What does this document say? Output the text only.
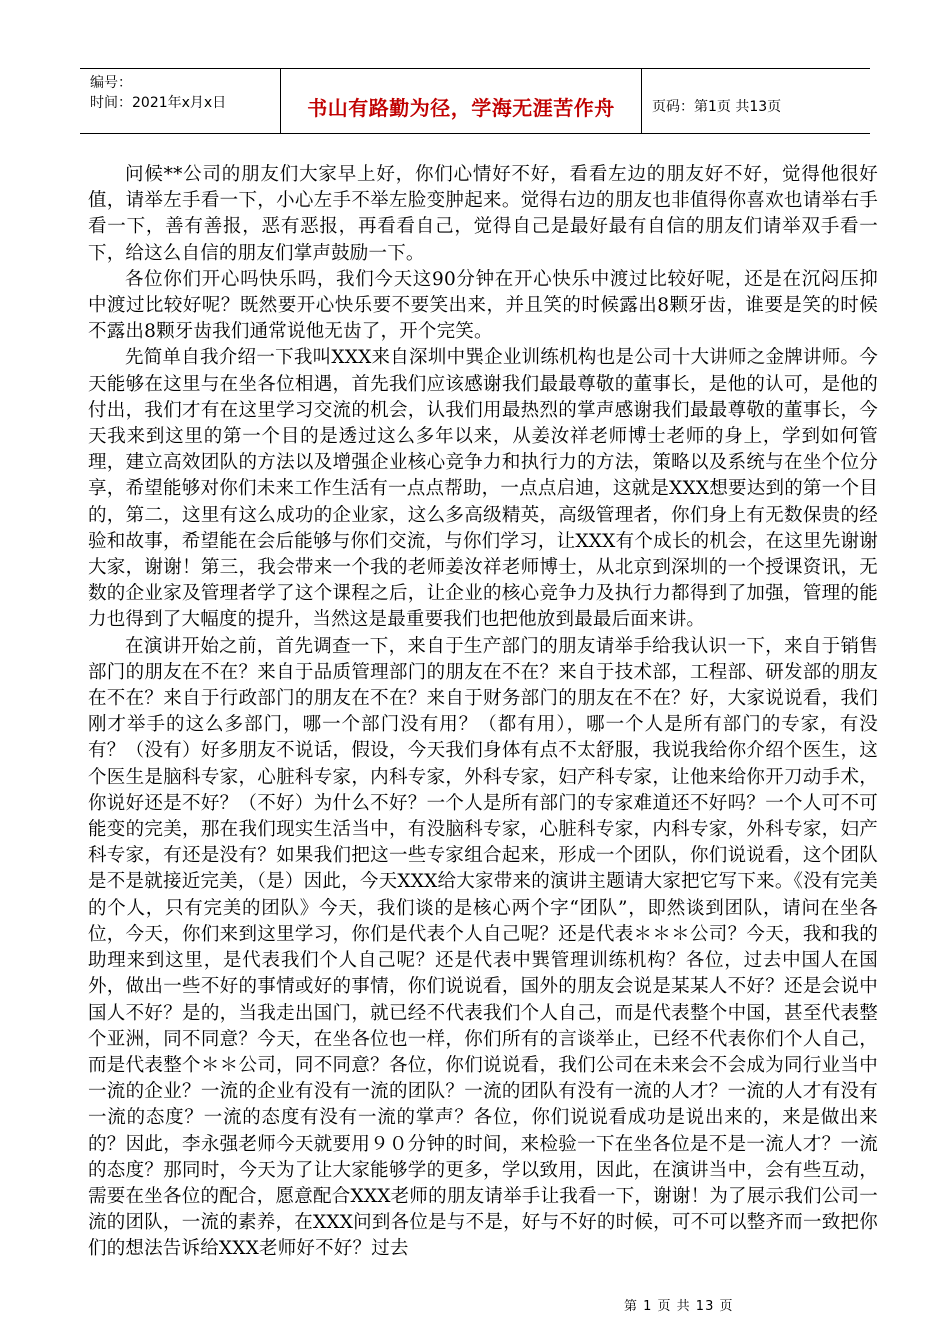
编号：
时间：2021年x月x日	书山有路勤为径，学海无涯苦作舟	页码：第1页 共13页

问候**公司的朋友们大家早上好，你们心情好不好，看看左边的朋友好不好，觉得他很好值，请举左手看一下，小心左手不举左脸变肿起来。觉得右边的朋友也非值得你喜欢也请举右手看一下，善有善报，恶有恶报，再看看自己，觉得自己是最好最有自信的朋友们请举双手看一下，给这么自信的朋友们掌声鼓励一下。

各位你们开心吗快乐吗，我们今天这90分钟在开心快乐中渡过比较好呢，还是在沉闷压抑中渡过比较好呢？既然要开心快乐要不要笑出来，并且笑的时候露出8颗牙齿，谁要是笑的时候不露出8颗牙齿我们通常说他无齿了，开个完笑。

先简单自我介绍一下我叫XXX来自深圳中巽企业训练机构也是公司十大讲师之金牌讲师。今天能够在这里与在坐各位相遇，首先我们应该感谢我们最最尊敬的董事长，是他的认可，是他的付出，我们才有在这里学习交流的机会，认我们用最热烈的掌声感谢我们最最尊敬的董事长，今天我来到这里的第一个目的是透过这么多年以来，从姜汝祥老师博士老师的身上，学到如何管理，建立高效团队的方法以及增强企业核心竞争力和执行力的方法，策略以及系统与在坐个位分享，希望能够对你们未来工作生活有一点点帮助，一点点启迪，这就是XXX想要达到的第一个目的，第二，这里有这么成功的企业家，这么多高级精英，高级管理者，你们身上有无数保贵的经验和故事，希望能在会后能够与你们交流，与你们学习，让XXX有个成长的机会，在这里先谢谢大家，谢谢！第三，我会带来一个我的老师姜汝祥老师博士，从北京到深圳的一个授课资讯，无数的企业家及管理者学了这个课程之后，让企业的核心竞争力及执行力都得到了加强，管理的能力也得到了大幅度的提升，当然这是最重要我们也把他放到最最后面来讲。

在演讲开始之前，首先调查一下，来自于生产部门的朋友请举手给我认识一下，来自于销售部门的朋友在不在？来自于品质管理部门的朋友在不在？来自于技术部，工程部、研发部的朋友在不在？来自于行政部门的朋友在不在？来自于财务部门的朋友在不在？好，大家说说看，我们刚才举手的这么多部门，哪一个部门没有用？（都有用），哪一个人是所有部门的专家，有没有？（没有）好多朋友不说话，假设，今天我们身体有点不太舒服，我说我给你介绍个医生，这个医生是脑科专家，心脏科专家，内科专家，外科专家，妇产科专家，让他来给你开刀动手术，你说好还是不好？（不好）为什么不好？一个人是所有部门的专家难道还不好吗？一个人可不可能变的完美，那在我们现实生活当中，有没脑科专家，心脏科专家，内科专家，外科专家，妇产科专家，有还是没有？如果我们把这一些专家组合起来，形成一个团队，你们说说看，这个团队是不是就接近完美，（是）因此，今天XXX给大家带来的演讲主题请大家把它写下来。《没有完美的个人，只有完美的团队》今天，我们谈的是核心两个字“团队”，即然谈到团队，请问在坐各位，今天，你们来到这里学习，你们是代表个人自己呢？还是代表＊＊＊公司？今天，我和我的助理来到这里，是代表我们个人自己呢？还是代表中巽管理训练机构？各位，过去中国人在国外，做出一些不好的事情或好的事情，你们说说看，国外的朋友会说是某某人不好？还是会说中国人不好？是的，当我走出国门，就已经不代表我们个人自己，而是代表整个中国，甚至代表整个亚洲，同不同意？今天，在坐各位也一样，你们所有的言谈举止，已经不代表你们个人自己，而是代表整个＊＊公司，同不同意？各位，你们说说看，我们公司在未来会不会成为同行业当中一流的企业？一流的企业有没有一流的团队？一流的团队有没有一流的人才？一流的人才有没有一流的态度？一流的态度有没有一流的掌声？各位，你们说说看成功是说出来的，来是做出来的？因此，李永强老师今天就要用９０分钟的时间，来检验一下在坐各位是不是一流人才？一流的态度？那同时，今天为了让大家能够学的更多，学以致用，因此，在演讲当中，会有些互动，需要在坐各位的配合，愿意配合XXX老师的朋友请举手让我看一下，谢谢！为了展示我们公司一流的团队，一流的素养，在XXX问到各位是与不是，好与不好的时候，可不可以整齐而一致把你们的想法告诉给XXX老师好不好？过去

第 1 页 共 13 页
